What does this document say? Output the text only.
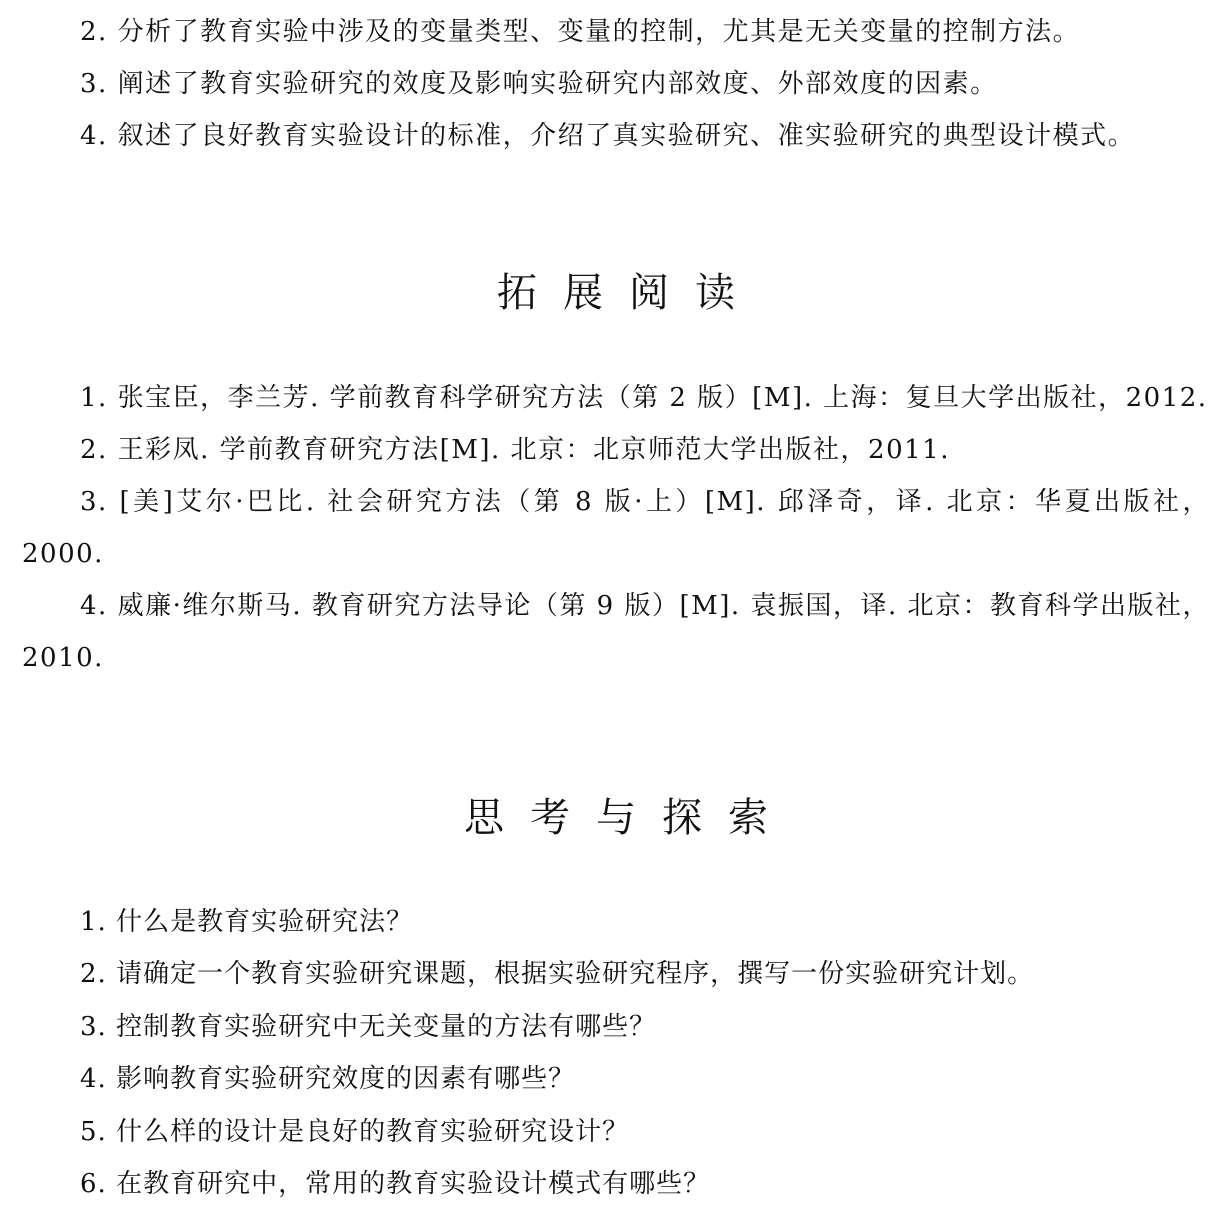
2. 分析了教育实验中涉及的变量类型、变量的控制，尤其是无关变量的控制方法。

3. 阐述了教育实验研究的效度及影响实验研究内部效度、外部效度的因素。

4. 叙述了良好教育实验设计的标准，介绍了真实验研究、准实验研究的典型设计模式。

拓展阅读

1. 张宝臣，李兰芳. 学前教育科学研究方法（第 2 版）[M]. 上海：复旦大学出版社，2012.

2. 王彩凤. 学前教育研究方法[M]. 北京：北京师范大学出版社，2011.

3. [美]艾尔·巴比. 社会研究方法（第 8 版·上）[M]. 邱泽奇，译. 北京：华夏出版社，2000.

4. 威廉·维尔斯马. 教育研究方法导论（第 9 版）[M]. 袁振国，译. 北京：教育科学出版社，2010.

思考与探索

1. 什么是教育实验研究法？

2. 请确定一个教育实验研究课题，根据实验研究程序，撰写一份实验研究计划。

3. 控制教育实验研究中无关变量的方法有哪些？

4. 影响教育实验研究效度的因素有哪些？

5. 什么样的设计是良好的教育实验研究设计？

6. 在教育研究中，常用的教育实验设计模式有哪些？
